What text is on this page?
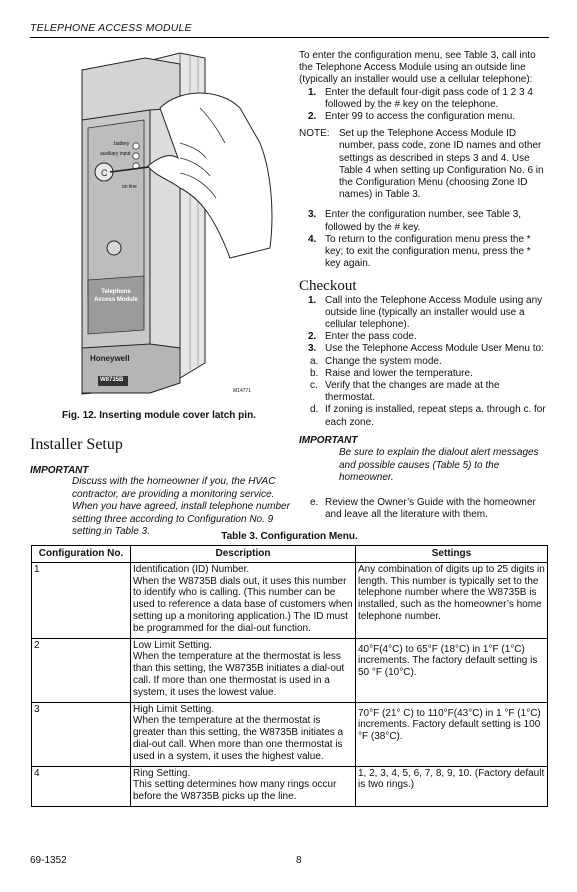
TELEPHONE ACCESS MODULE
C
battery
auxiliary input
on line
Telephone Access Module
Honeywell
W8735B
M14771
Fig. 12. Inserting module cover latch pin.
Installer Setup
IMPORTANT
Discuss with the homeowner if you, the HVAC contractor, are providing a monitoring service. When you have agreed, install telephone number setting three according to Configuration No. 9 setting in Table 3.

To enter the configuration menu, see Table 3, call into the Telephone Access Module using an outside line (typically an installer would use a cellular telephone):

1. Enter the default four-digit pass code of 1 2 3 4 followed by the # key on the telephone.
2. Enter 99 to access the configuration menu.
NOTE: Set up the Telephone Access Module ID number, pass code, zone ID names and other settings as described in steps 3 and 4. Use Table 4 when setting up Configuration No. 6 in the Configuration Menu (choosing Zone ID names) in Table 3.
3. Enter the configuration number, see Table 3, followed by the # key.
4. To return to the configuration menu press the * key; to exit the configuration menu, press the * key again.
Checkout
1. Call into the Telephone Access Module using any outside line (typically an installer would use a cellular telephone).
2. Enter the pass code.
3. Use the Telephone Access Module User Menu to:
a. Change the system mode.
b. Raise and lower the temperature.
c. Verify that the changes are made at the thermostat.
d. If zoning is installed, repeat steps a. through c. for each zone.
IMPORTANT
Be sure to explain the dialout alert messages and possible causes (Table 5) to the homeowner.
e. Review the Owner’s Guide with the homeowner and leave all the literature with them.
Table 3. Configuration Menu.
Configuration No.	Description	Settings
1	Identification (ID) Number.
When the W8735B dials out, it uses this number to identify who is calling. (This number can be used to reference a data base of customers when setting up a monitoring application.) The ID must be programmed for the dial-out function.	Any combination of digits up to 25 digits in length. This number is typically set to the telephone number where the W8735B is installed, such as the homeowner’s home telephone number.
2	Low Limit Setting.
When the temperature at the thermostat is less than this setting, the W8735B initiates a dial-out call. If more than one thermostat is used in a system, it uses the lowest value.	40°F(4°C) to 65°F (18°C) in 1°F (1°C) increments. The factory default setting is 50 °F (10°C).
3	High Limit Setting.
When the temperature at the thermostat is greater than this setting, the W8735B initiates a dial-out call. When more than one thermostat is used in a system, it uses the highest value.	70°F (21° C) to 110°F(43°C) in 1 °F (1°C) increments. Factory default setting is 100 °F (38°C).
4	Ring Setting.
This setting determines how many rings occur before the W8735B picks up the line.	1, 2, 3, 4, 5, 6, 7, 8, 9, 10. (Factory default is two rings.)
69-1352	8
